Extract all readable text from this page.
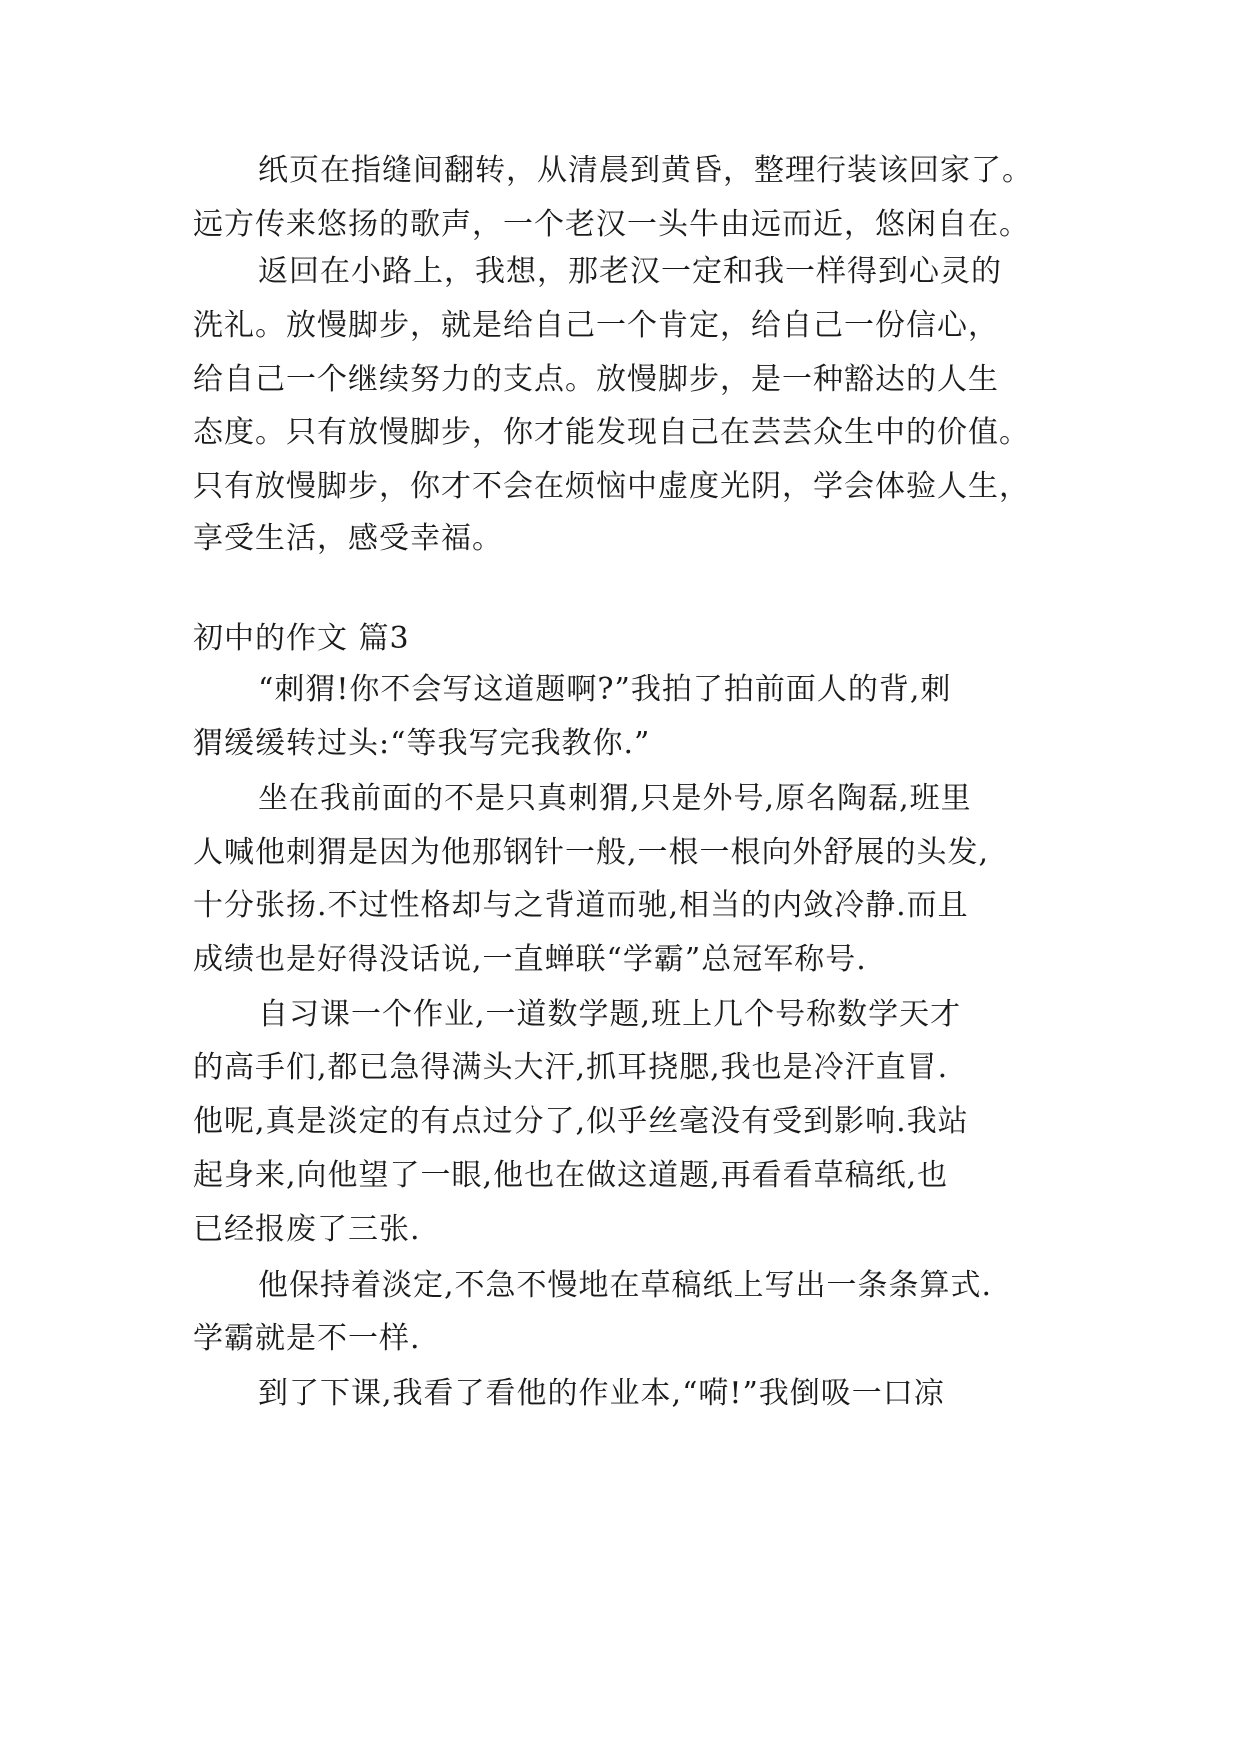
纸页在指缝间翻转，从清晨到黄昏，整理行装该回家了。
远方传来悠扬的歌声，一个老汉一头牛由远而近，悠闲自在。
返回在小路上，我想，那老汉一定和我一样得到心灵的
洗礼。放慢脚步，就是给自己一个肯定，给自己一份信心，
给自己一个继续努力的支点。放慢脚步，是一种豁达的人生
态度。只有放慢脚步，你才能发现自己在芸芸众生中的价值。
只有放慢脚步，你才不会在烦恼中虚度光阴，学会体验人生，
享受生活，感受幸福。
初中的作文 篇3
“刺猬!你不会写这道题啊?”我拍了拍前面人的背,刺
猬缓缓转过头:“等我写完我教你.”
坐在我前面的不是只真刺猬,只是外号,原名陶磊,班里
人喊他刺猬是因为他那钢针一般,一根一根向外舒展的头发,
十分张扬.不过性格却与之背道而驰,相当的内敛冷静.而且
成绩也是好得没话说,一直蝉联“学霸”总冠军称号.
自习课一个作业,一道数学题,班上几个号称数学天才
的高手们,都已急得满头大汗,抓耳挠腮,我也是冷汗直冒.
他呢,真是淡定的有点过分了,似乎丝毫没有受到影响.我站
起身来,向他望了一眼,他也在做这道题,再看看草稿纸,也
已经报废了三张.
他保持着淡定,不急不慢地在草稿纸上写出一条条算式.
学霸就是不一样.
到了下课,我看了看他的作业本,“嗬!”我倒吸一口凉
